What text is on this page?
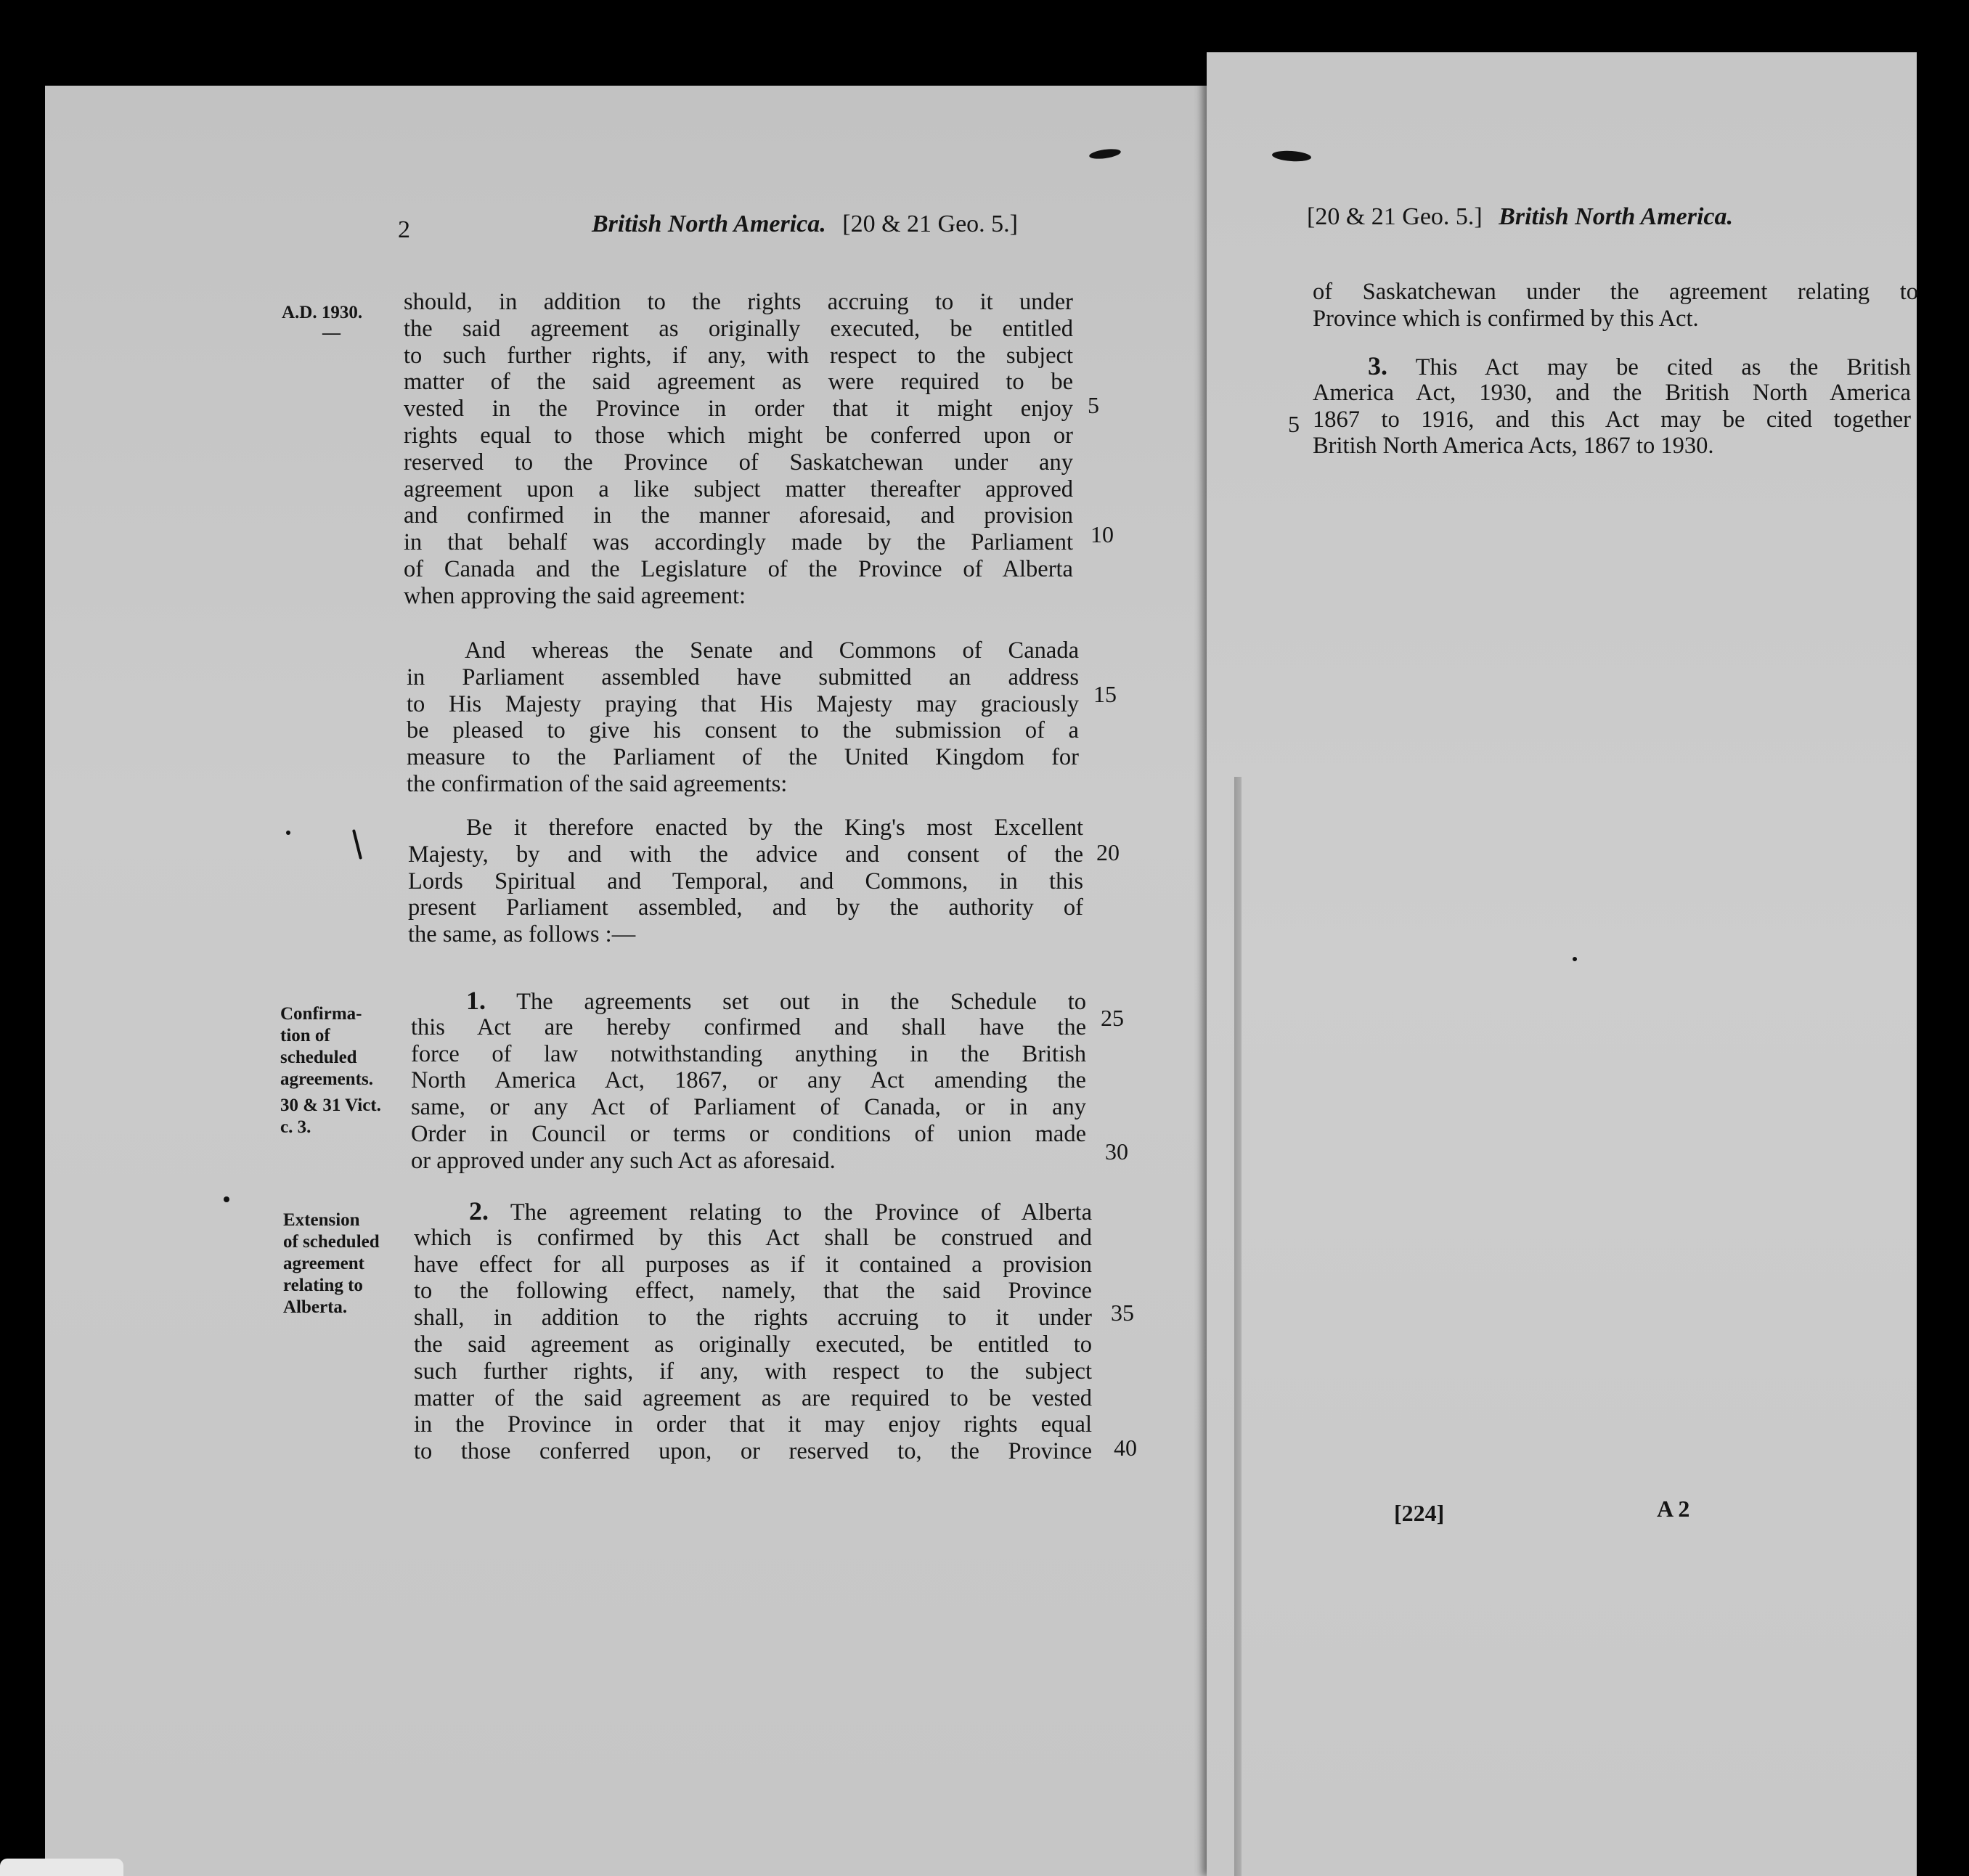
2	British North America. [20 & 21 Geo. 5.]
A.D. 1930.
—
should, in addition to the rights accruing to it under
the said agreement as originally executed, be entitled
to such further rights, if any, with respect to the subject
matter of the said agreement as were required to be
vested in the Province in order that it might enjoy
rights equal to those which might be conferred upon or
reserved to the Province of Saskatchewan under any
agreement upon a like subject matter thereafter approved
and confirmed in the manner aforesaid, and provision
in that behalf was accordingly made by the Parliament
of Canada and the Legislature of the Province of Alberta
when approving the said agreement:
And whereas the Senate and Commons of Canada
in Parliament assembled have submitted an address
to His Majesty praying that His Majesty may graciously
be pleased to give his consent to the submission of a
measure to the Parliament of the United Kingdom for
the confirmation of the said agreements:
Be it therefore enacted by the King's most Excellent
Majesty, by and with the advice and consent of the
Lords Spiritual and Temporal, and Commons, in this
present Parliament assembled, and by the authority of
the same, as follows :—
Confirma-
tion of
scheduled
agreements.
30 & 31 Vict.
c. 3.
1. The agreements set out in the Schedule to
this Act are hereby confirmed and shall have the
force of law notwithstanding anything in the British
North America Act, 1867, or any Act amending the
same, or any Act of Parliament of Canada, or in any
Order in Council or terms or conditions of union made
or approved under any such Act as aforesaid.
Extension
of scheduled
agreement
relating to
Alberta.
2. The agreement relating to the Province of Alberta
which is confirmed by this Act shall be construed and
have effect for all purposes as if it contained a provision
to the following effect, namely, that the said Province
shall, in addition to the rights accruing to it under
the said agreement as originally executed, be entitled to
such further rights, if any, with respect to the subject
matter of the said agreement as are required to be vested
in the Province in order that it may enjoy rights equal
to those conferred upon, or reserved to, the Province
5
10
15
20
25
30
35
40
[20 & 21 Geo. 5.] British North America.
of Saskatchewan under the agreement relating to
Province which is confirmed by this Act.
3. This Act may be cited as the British
America Act, 1930, and the British North America
1867 to 1916, and this Act may be cited together
British North America Acts, 1867 to 1930.
5
[224]	A 2
